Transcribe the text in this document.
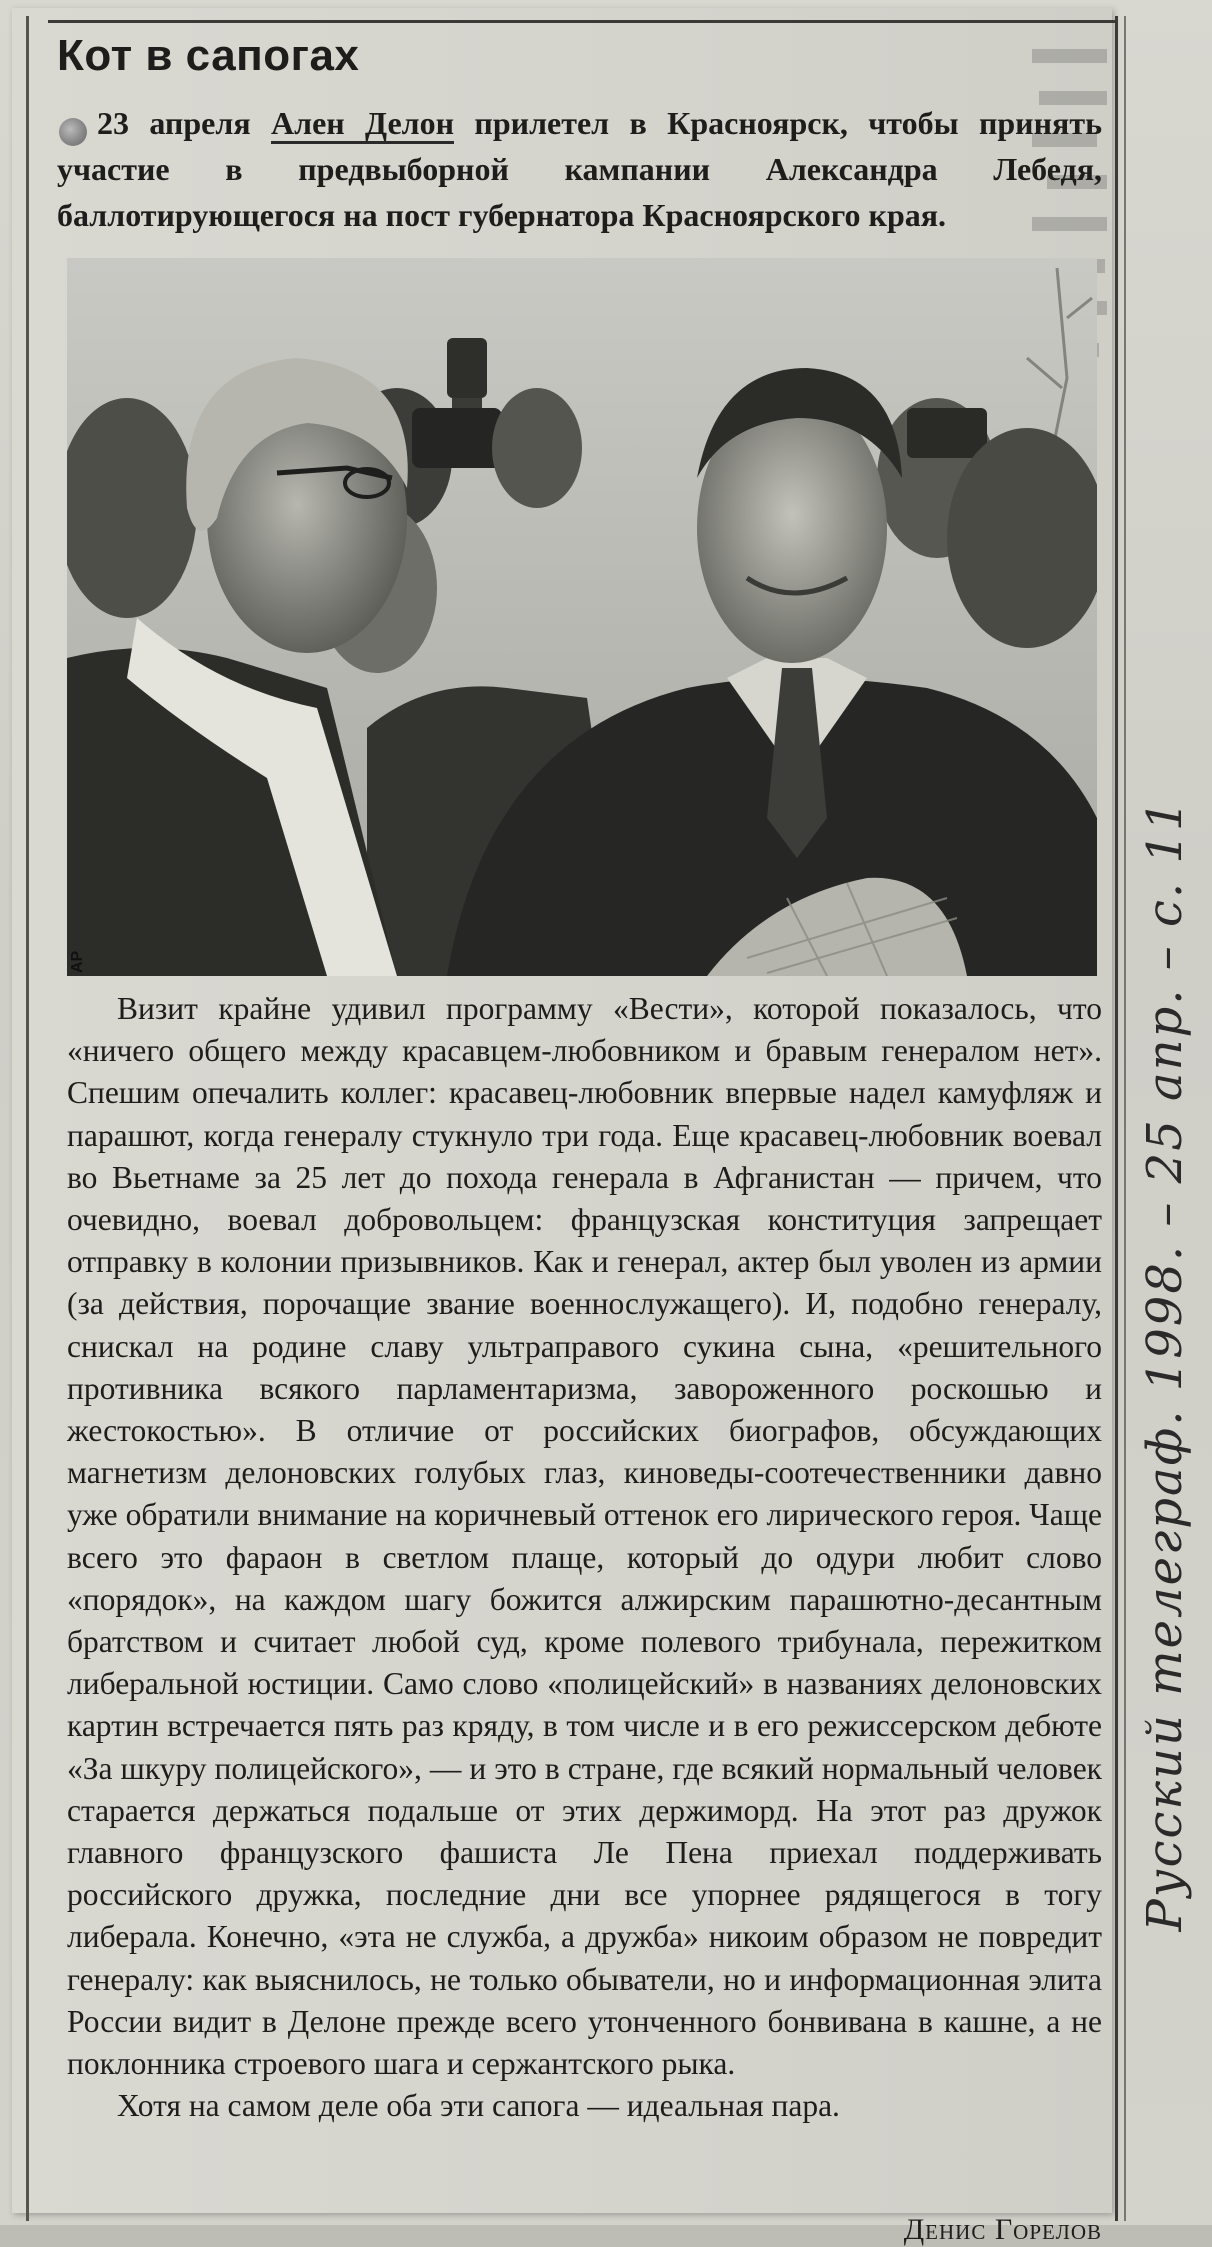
Кот в сапогах
23 апреля Ален Делон прилетел в Красноярск, чтобы принять участие в предвыборной кампании Александра Лебедя, баллотирующегося на пост губернатора Красноярского края.
AP

Визит крайне удивил программу «Вести», которой показалось, что «ничего общего между красавцем-любовником и бравым генералом нет». Спешим опечалить коллег: красавец-любовник впервые надел камуфляж и парашют, когда генералу стукнуло три года. Еще красавец-любовник воевал во Вьетнаме за 25 лет до похода генерала в Афганистан — причем, что очевидно, воевал добровольцем: французская конституция запрещает отправку в колонии призывников. Как и генерал, актер был уволен из армии (за действия, порочащие звание военнослужащего). И, подобно генералу, снискал на родине славу ультраправого сукина сына, «решительного противника всякого парламентаризма, завороженного роскошью и жестокостью». В отличие от российских биографов, обсуждающих магнетизм делоновских голубых глаз, киноведы-соотечественники давно уже обратили внимание на коричневый оттенок его лирического героя. Чаще всего это фараон в светлом плаще, который до одури любит слово «порядок», на каждом шагу божится алжирским парашютно-десантным братством и считает любой суд, кроме полевого трибунала, пережитком либеральной юстиции. Само слово «полицейский» в названиях делоновских картин встречается пять раз кряду, в том числе и в его режиссерском дебюте «За шкуру полицейского», — и это в стране, где всякий нормальный человек старается держаться подальше от этих держиморд. На этот раз дружок главного французского фашиста Ле Пена приехал поддерживать российского дружка, последние дни все упорнее рядящегося в тогу либерала. Конечно, «эта не служба, а дружба» никоим образом не повредит генералу: как выяснилось, не только обыватели, но и информационная элита России видит в Делоне прежде всего утонченного бонвивана в кашне, а не поклонника строевого шага и сержантского рыка.

Хотя на самом деле оба эти сапога — идеальная пара.

Денис Горелов
Русский телеграф. 1998. – 25 апр. – с. 11
